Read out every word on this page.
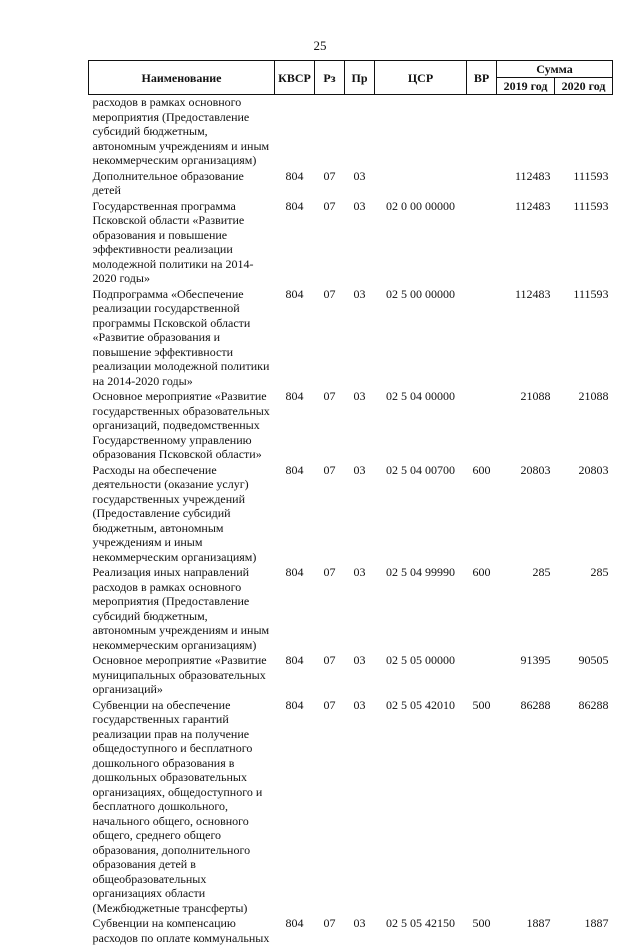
25
Наименование	КВСР	Рз	Пр	ЦСР	ВР	Сумма	
						2019 год	2020 год
расходов в рамках основного мероприятия (Предоставление субсидий бюджетным, автономным учреждениям и иным некоммерческим организациям)							
Дополнительное образование детей	804	07	03			112483	111593
Государственная программа Псковской области «Развитие образования и повышение эффективности реализации молодежной политики на 2014-2020 годы»	804	07	03	02 0 00 00000		112483	111593
Подпрограмма «Обеспечение реализации государственной программы Псковской области «Развитие образования и повышение эффективности реализации молодежной политики на 2014-2020 годы»	804	07	03	02 5 00 00000		112483	111593
Основное мероприятие «Развитие государственных образовательных организаций, подведомственных Государственному управлению образования Псковской области»	804	07	03	02 5 04 00000		21088	21088
Расходы на обеспечение деятельности (оказание услуг) государственных учреждений (Предоставление субсидий бюджетным, автономным учреждениям и иным некоммерческим организациям)	804	07	03	02 5 04 00700	600	20803	20803
Реализация иных направлений расходов в рамках основного мероприятия (Предоставление субсидий бюджетным, автономным учреждениям и иным некоммерческим организациям)	804	07	03	02 5 04 99990	600	285	285
Основное мероприятие «Развитие муниципальных образовательных организаций»	804	07	03	02 5 05 00000		91395	90505
Субвенции на обеспечение государственных гарантий реализации прав на получение общедоступного и бесплатного дошкольного образования в дошкольных образовательных организациях, общедоступного и бесплатного дошкольного, начального общего, основного общего, среднего общего образования, дополнительного образования детей в общеобразовательных организациях области (Межбюджетные трансферты)	804	07	03	02 5 05 42010	500	86288	86288
Субвенции на компенсацию расходов по оплате коммунальных	804	07	03	02 5 05 42150	500	1887	1887
